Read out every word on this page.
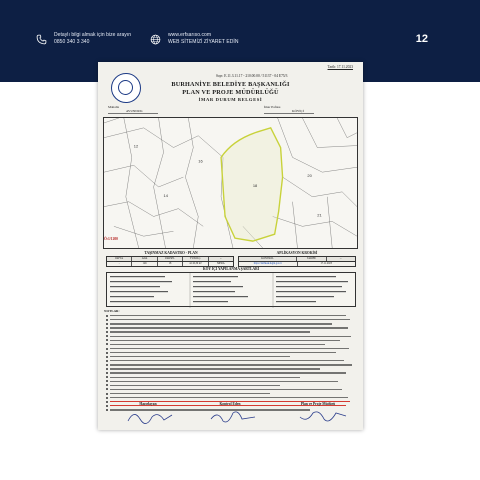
Detaylı bilgi almak için bize arayın
0850 340 3 340
www.erfsarıso.com
WEB SİTEMİZİ ZİYARET EDİN	12
Tarih: 17.11.2023
Sayı: E.11.3.11.17 - 210.00.00 / 51137 - 04 E75/3
BURHANİYE BELEDİYE BAŞKANLIĞI
PLAN VE PROJE MÜDÜRLÜĞÜ
İMAR DURUM BELGESİ
Mahalle
AVUNDUK
İmar Paftası
KÖYİÇİ
18
12
14
20
21
16
Ö:1/1200
TAŞINMAZ KADASTRO - PLAN	APLİKASYON KROKİSİ
PAFTA	ADA	PARSEL	YÜZÖLÇ.	...
-	146	18	4.116,30 m²	MERA
KONTROL	TARİHİ	...
https://istihkak.tkgm.gov.tr	17.11.2023
KÖY İÇİ YAPILANMA ŞARTLARI
NOTLAR:
Hazırlayan	Kontrol Eden	Plan ve Proje Müdürü
